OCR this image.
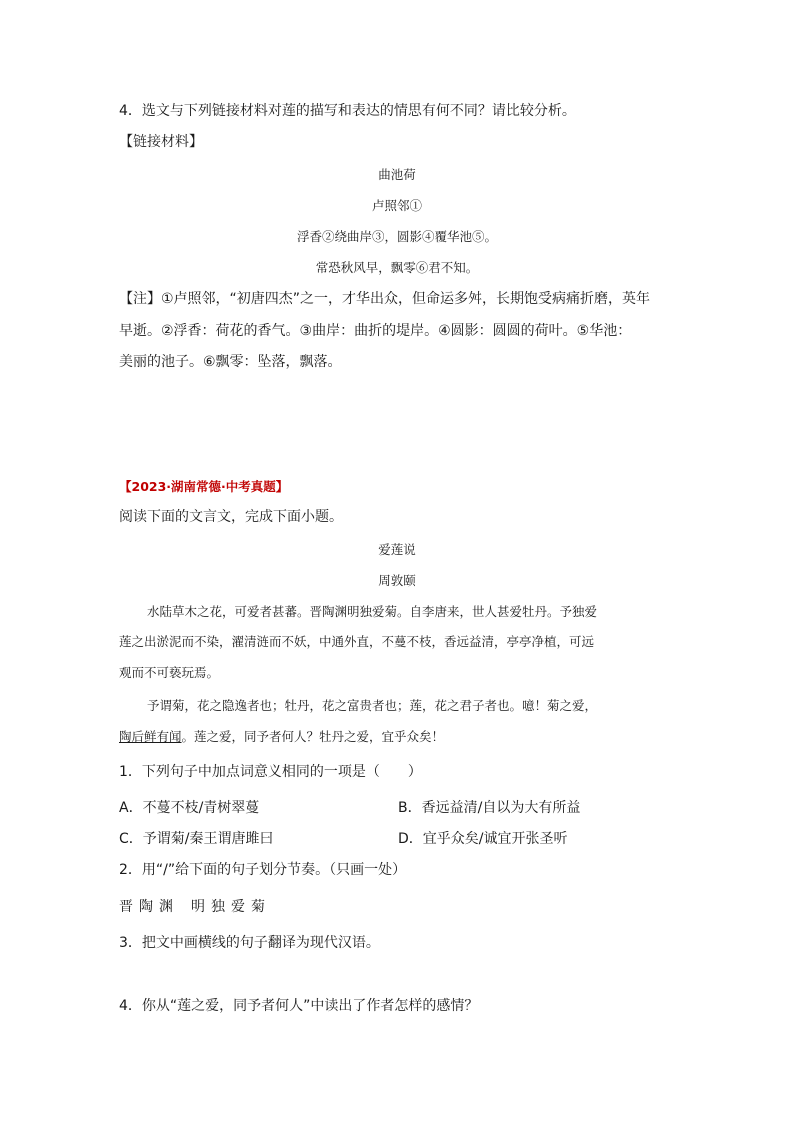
4．选文与下列链接材料对莲的描写和表达的情思有何不同？请比较分析。
【链接材料】
曲池荷
卢照邻①
浮香②绕曲岸③，圆影④覆华池⑤。
常恐秋风早，飘零⑥君不知。
【注】①卢照邻，“初唐四杰”之一，才华出众，但命运多舛，长期饱受病痛折磨，英年
早逝。②浮香：荷花的香气。③曲岸：曲折的堤岸。④圆影：圆圆的荷叶。⑤华池：
美丽的池子。⑥飘零：坠落，飘落。
【2023·湖南常德·中考真题】
阅读下面的文言文，完成下面小题。
爱莲说
周敦颐
水陆草木之花，可爱者甚蕃。晋陶渊明独爱菊。自李唐来，世人甚爱牡丹。予独爱
莲之出淤泥而不染，濯清涟而不妖，中通外直，不蔓不枝，香远益清，亭亭净植，可远
观而不可亵玩焉。
予谓菊，花之隐逸者也；牡丹，花之富贵者也；莲，花之君子者也。噫！菊之爱，
陶后鲜有闻。莲之爱，同予者何人？牡丹之爱，宜乎众矣！
1．下列句子中加点词意义相同的一项是（　　）
A．不蔓不枝/青树翠蔓	B．香远益清/自以为大有所益
C．予谓菊/秦王谓唐雎曰	D．宜乎众矣/诚宜开张圣听
2．用“/”给下面的句子划分节奏。（只画一处）
晋陶渊 明独爱菊
3．把文中画横线的句子翻译为现代汉语。
4．你从“莲之爱，同予者何人”中读出了作者怎样的感情？
